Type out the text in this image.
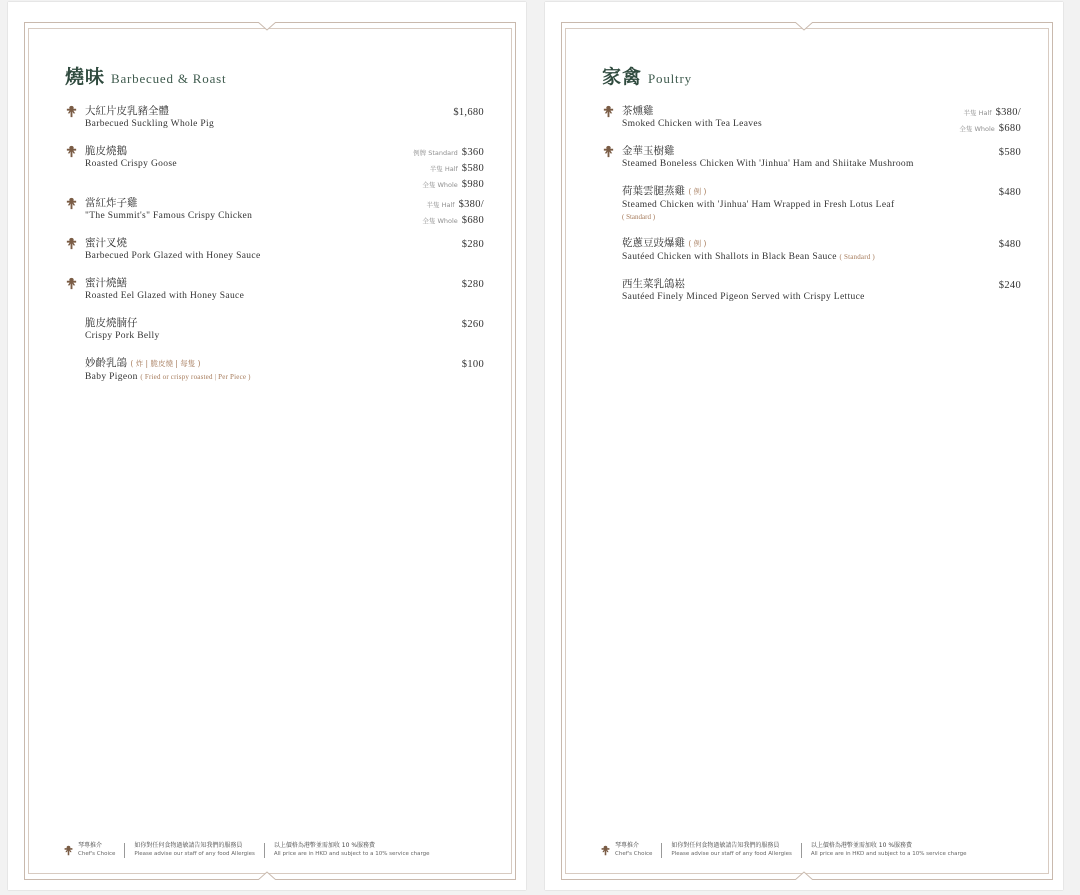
燒味 Barbecued & Roast
大紅片皮乳豬全體
Barbecued Suckling Whole Pig
$1,680
脆皮燒鵝
Roasted Crispy Goose
例牌 Standard $360
半隻 Half $580
全隻 Whole $980
當紅炸子雞
"The Summit's" Famous Crispy Chicken
半隻 Half $380/
全隻 Whole $680
蜜汁叉燒
Barbecued Pork Glazed with Honey Sauce
$280
蜜汁燒鱔
Roasted Eel Glazed with Honey Sauce
$280
脆皮燒腩仔
Crispy Pork Belly
$260
妙齡乳鴿 ( 炸 | 脆皮燒 | 每隻 )
Baby Pigeon ( Fried or crispy roasted | Per Piece )
$100
琴專推介
Chef's Choice
如你對任何食物過敏請告知我們的服務員
Please advise our staff of any food Allergies
以上價格為港幣並需加收 10 %服務費
All price are in HKD and subject to a 10% service charge
家禽 Poultry
茶燻雞
Smoked Chicken with Tea Leaves
半隻 Half $380/
全隻 Whole $680
金華玉樹雞
Steamed Boneless Chicken With 'Jinhua' Ham and Shiitake Mushroom
$580
荷葉雲腿蒸雞 ( 例 )
Steamed Chicken with 'Jinhua' Ham Wrapped in Fresh Lotus Leaf
( Standard )
$480
乾蔥豆豉爆雞 ( 例 )
Sautéed Chicken with Shallots in Black Bean Sauce ( Standard )
$480
西生菜乳鴿崧
Sautéed Finely Minced Pigeon Served with Crispy Lettuce
$240
琴專推介
Chef's Choice
如你對任何食物過敏請告知我們的服務員
Please advise our staff of any food Allergies
以上價格為港幣並需加收 10 %服務費
All price are in HKD and subject to a 10% service charge
